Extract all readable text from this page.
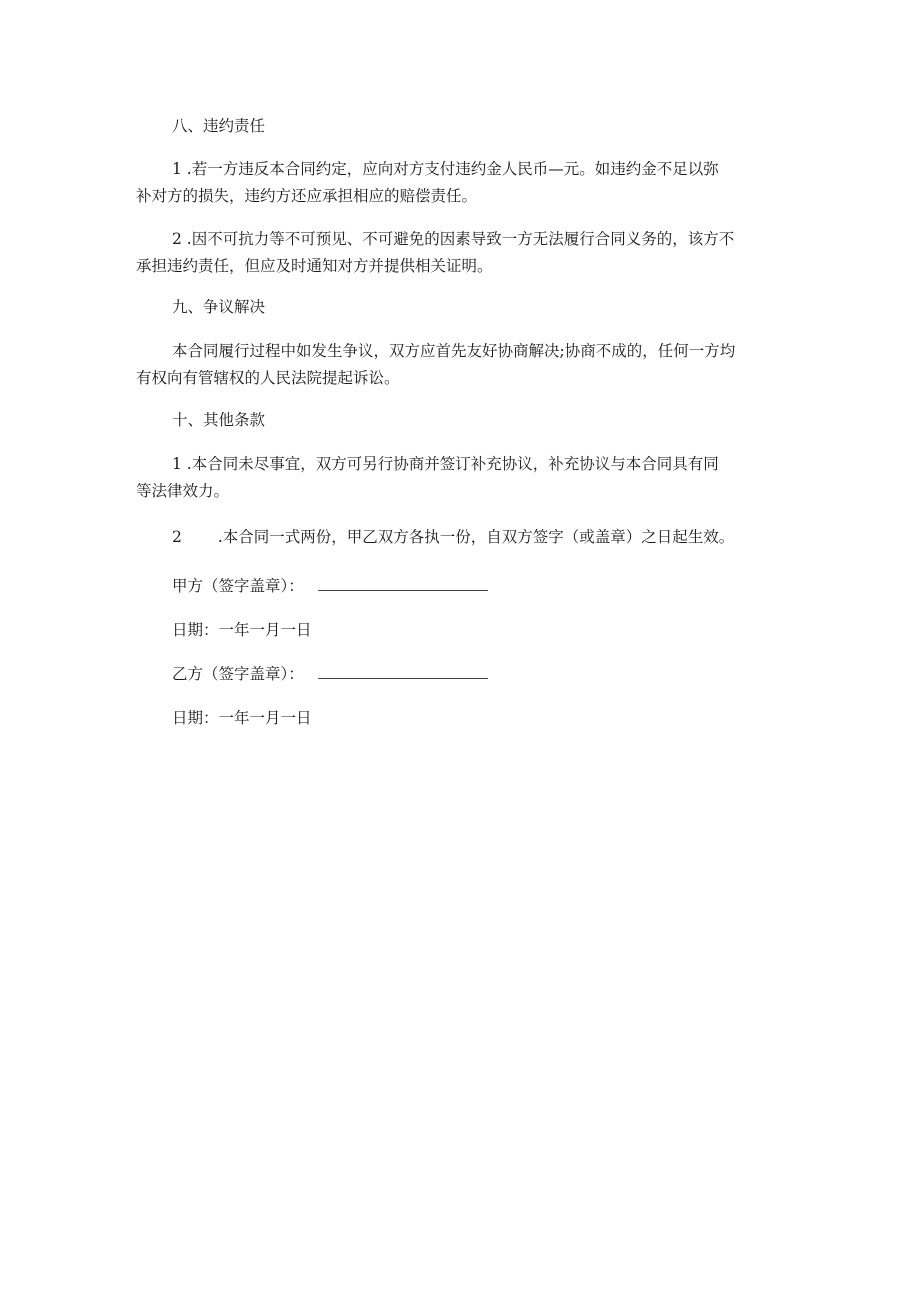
八、违约责任
1 .若一方违反本合同约定，应向对方支付违约金人民币—元。如违约金不足以弥
补对方的损失，违约方还应承担相应的赔偿责任。
2 .因不可抗力等不可预见、不可避免的因素导致一方无法履行合同义务的，该方不
承担违约责任，但应及时通知对方并提供相关证明。
九、争议解决
本合同履行过程中如发生争议，双方应首先友好协商解决;协商不成的，任何一方均
有权向有管辖权的人民法院提起诉讼。
十、其他条款
1 .本合同未尽事宜，双方可另行协商并签订补充协议，补充协议与本合同具有同
等法律效力。
2 .本合同一式两份，甲乙双方各执一份，自双方签字（或盖章）之日起生效。
甲方（签字盖章）：
日期：一年一月一日
乙方（签字盖章）：
日期：一年一月一日
